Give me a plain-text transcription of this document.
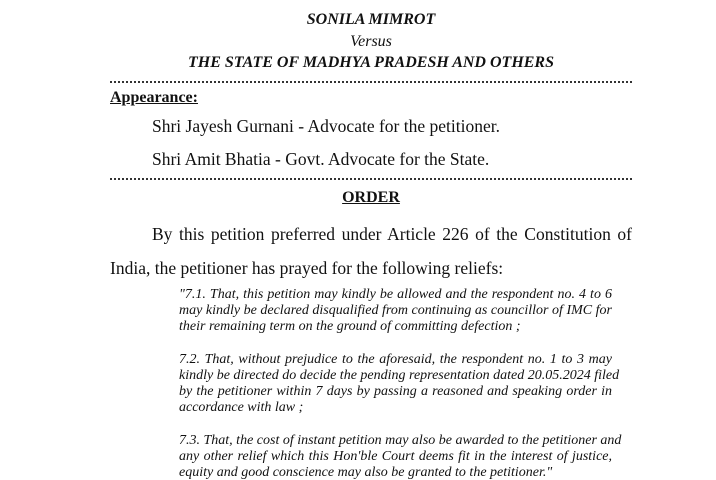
SONILA MIMROT
Versus
THE STATE OF MADHYA PRADESH AND OTHERS
Appearance:
Shri Jayesh Gurnani - Advocate for the petitioner.
Shri Amit Bhatia - Govt. Advocate for the State.
ORDER
By this petition preferred under Article 226 of the Constitution of
India, the petitioner has prayed for the following reliefs:
"7.1. That, this petition may kindly be allowed and the respondent no. 4 to 6
may kindly be declared disqualified from continuing as councillor of IMC for
their remaining term on the ground of committing defection ;
7.2. That, without prejudice to the aforesaid, the respondent no. 1 to 3 may
kindly be directed do decide the pending representation dated 20.05.2024 filed
by the petitioner within 7 days by passing a reasoned and speaking order in
accordance with law ;
7.3. That, the cost of instant petition may also be awarded to the petitioner and
any other relief which this Hon'ble Court deems fit in the interest of justice,
equity and good conscience may also be granted to the petitioner."
